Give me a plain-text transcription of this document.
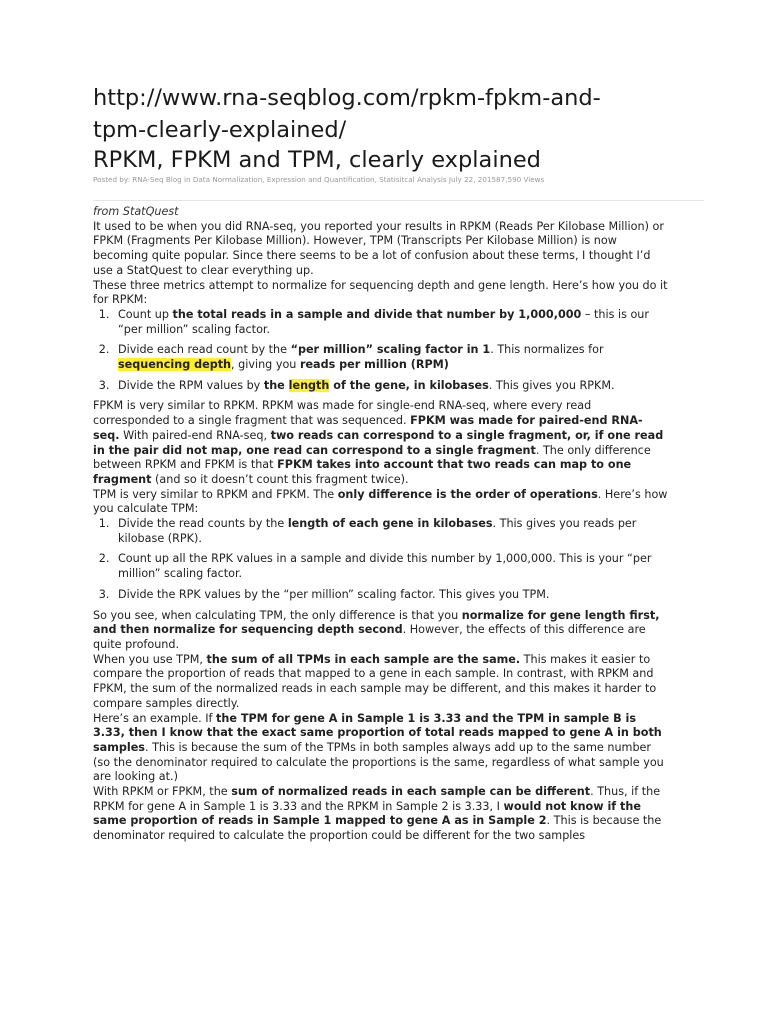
http://www.rna-seqblog.com/rpkm-fpkm-and-
tpm-clearly-explained/
RPKM, FPKM and TPM, clearly explained

Posted by: RNA-Seq Blog in Data Normalization, Expression and Quantification, Statisitcal Analysis July 22, 201587,590 Views

from StatQuest

It used to be when you did RNA-seq, you reported your results in RPKM (Reads Per Kilobase Million) or FPKM (Fragments Per Kilobase Million). However, TPM (Transcripts Per Kilobase Million) is now becoming quite popular. Since there seems to be a lot of confusion about these terms, I thought I’d use a StatQuest to clear everything up.

These three metrics attempt to normalize for sequencing depth and gene length. Here’s how you do it for RPKM:

1. Count up the total reads in a sample and divide that number by 1,000,000 – this is our “per million” scaling factor.
2. Divide each read count by the “per million” scaling factor in 1. This normalizes for sequencing depth, giving you reads per million (RPM)
3. Divide the RPM values by the length of the gene, in kilobases. This gives you RPKM.

FPKM is very similar to RPKM. RPKM was made for single-end RNA-seq, where every read corresponded to a single fragment that was sequenced. FPKM was made for paired-end RNA-seq. With paired-end RNA-seq, two reads can correspond to a single fragment, or, if one read in the pair did not map, one read can correspond to a single fragment. The only difference between RPKM and FPKM is that FPKM takes into account that two reads can map to one fragment (and so it doesn’t count this fragment twice).

TPM is very similar to RPKM and FPKM. The only difference is the order of operations. Here’s how you calculate TPM:

1. Divide the read counts by the length of each gene in kilobases. This gives you reads per kilobase (RPK).
2. Count up all the RPK values in a sample and divide this number by 1,000,000. This is your “per million” scaling factor.
3. Divide the RPK values by the “per million” scaling factor. This gives you TPM.

So you see, when calculating TPM, the only difference is that you normalize for gene length first, and then normalize for sequencing depth second. However, the effects of this difference are quite profound.

When you use TPM, the sum of all TPMs in each sample are the same. This makes it easier to compare the proportion of reads that mapped to a gene in each sample. In contrast, with RPKM and FPKM, the sum of the normalized reads in each sample may be different, and this makes it harder to compare samples directly.

Here’s an example. If the TPM for gene A in Sample 1 is 3.33 and the TPM in sample B is 3.33, then I know that the exact same proportion of total reads mapped to gene A in both samples. This is because the sum of the TPMs in both samples always add up to the same number (so the denominator required to calculate the proportions is the same, regardless of what sample you are looking at.)

With RPKM or FPKM, the sum of normalized reads in each sample can be different. Thus, if the RPKM for gene A in Sample 1 is 3.33 and the RPKM in Sample 2 is 3.33, I would not know if the same proportion of reads in Sample 1 mapped to gene A as in Sample 2. This is because the denominator required to calculate the proportion could be different for the two samples
